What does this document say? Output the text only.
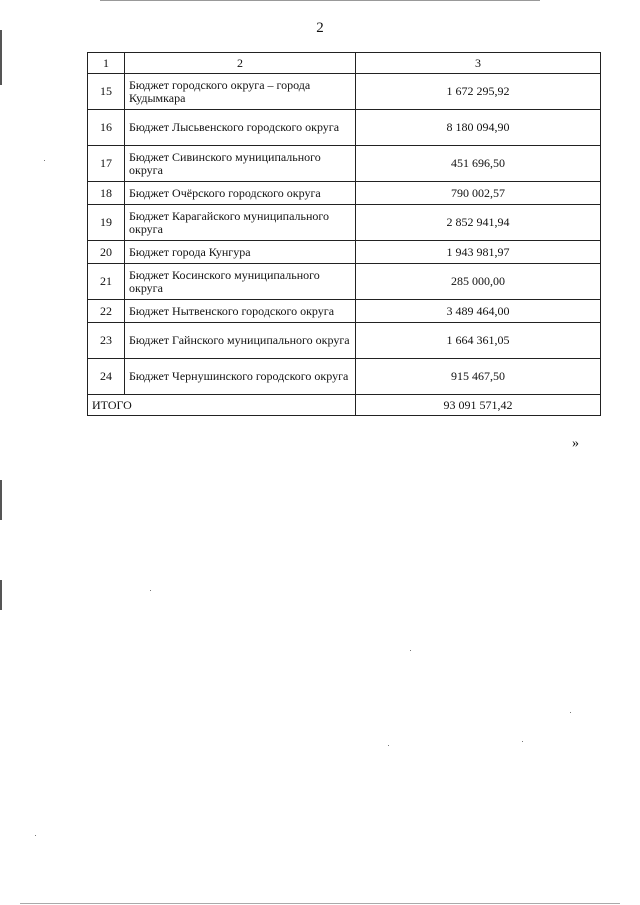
2
1	2	3
15	Бюджет городского округа – города Кудымкара	1 672 295,92
16	Бюджет Лысьвенского городского округа	8 180 094,90
17	Бюджет Сивинского муниципального округа	451 696,50
18	Бюджет Очёрского городского округа	790 002,57
19	Бюджет Карагайского муниципального округа	2 852 941,94
20	Бюджет города Кунгура	1 943 981,97
21	Бюджет Косинского муниципального округа	285 000,00
22	Бюджет Нытвенского городского округа	3 489 464,00
23	Бюджет Гайнского муниципального округа	1 664 361,05
24	Бюджет Чернушинского городского округа	915 467,50
ИТОГО		93 091 571,42
»
